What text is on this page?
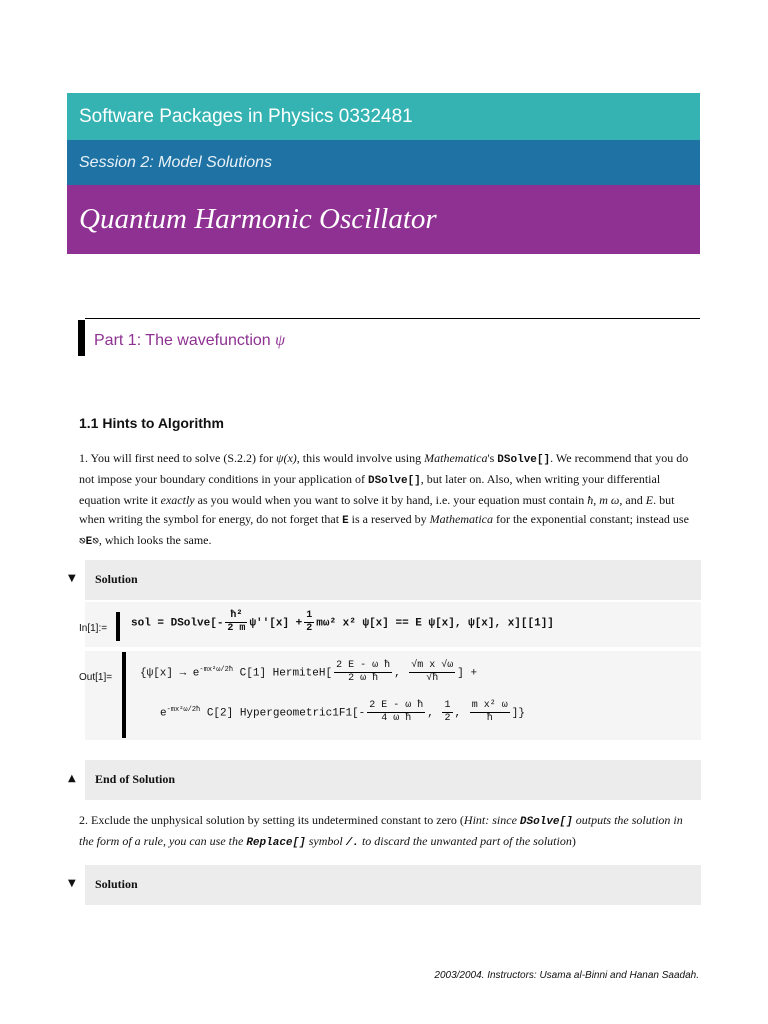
Software Packages in Physics 0332481
Session 2: Model Solutions
Quantum Harmonic Oscillator
Part 1: The wavefunction ψ
1.1 Hints to Algorithm
1. You will first need to solve (S.2.2) for ψ(x), this would involve using Mathematica's DSolve[]. We recommend that you do not impose your boundary conditions in your application of DSolve[], but later on. Also, when writing your differential equation write it exactly as you would when you want to solve it by hand, i.e. your equation must contain ħ, m ω, and E. but when writing the symbol for energy, do not forget that E is a reserved by Mathematica for the exponential constant; instead use ⎋E⎋, which looks the same.
▼ Solution
In[1]:= sol = DSolve[- $\frac{\text{ħ²}}{2 m} \psi''[x] + \frac{1}{2} m\omega^2$ x² ψ[x] == E ψ[x], ψ[x], x][[1]]
Out[1]=	{$\psi[x] \to e^{-mx^2\omega/2ħ}$ C[1] HermiteH[ $\frac{\text{2 E - ω ħ}}{\text{2 ω ħ}}$ , $\frac{\text{√m x √ω}}{√ħ}$ ] +
$e^{-mx^2\omega/2ħ}$ C[2] Hypergeometric1F1[- $\frac{\text{2 E - ω ħ}}{\text{4 ω ħ}}$ , $\frac{1}{2}$ , $\frac{\text{m x² ω}}{ħ}$ ]}
▲ End of Solution
2. Exclude the unphysical solution by setting its undetermined constant to zero (Hint: since DSolve[] outputs the solution in the form of a rule, you can use the Replace[] symbol /. to discard the unwanted part of the solution)
▼ Solution
2003/2004. Instructors: Usama al-Binni and Hanan Saadah.
